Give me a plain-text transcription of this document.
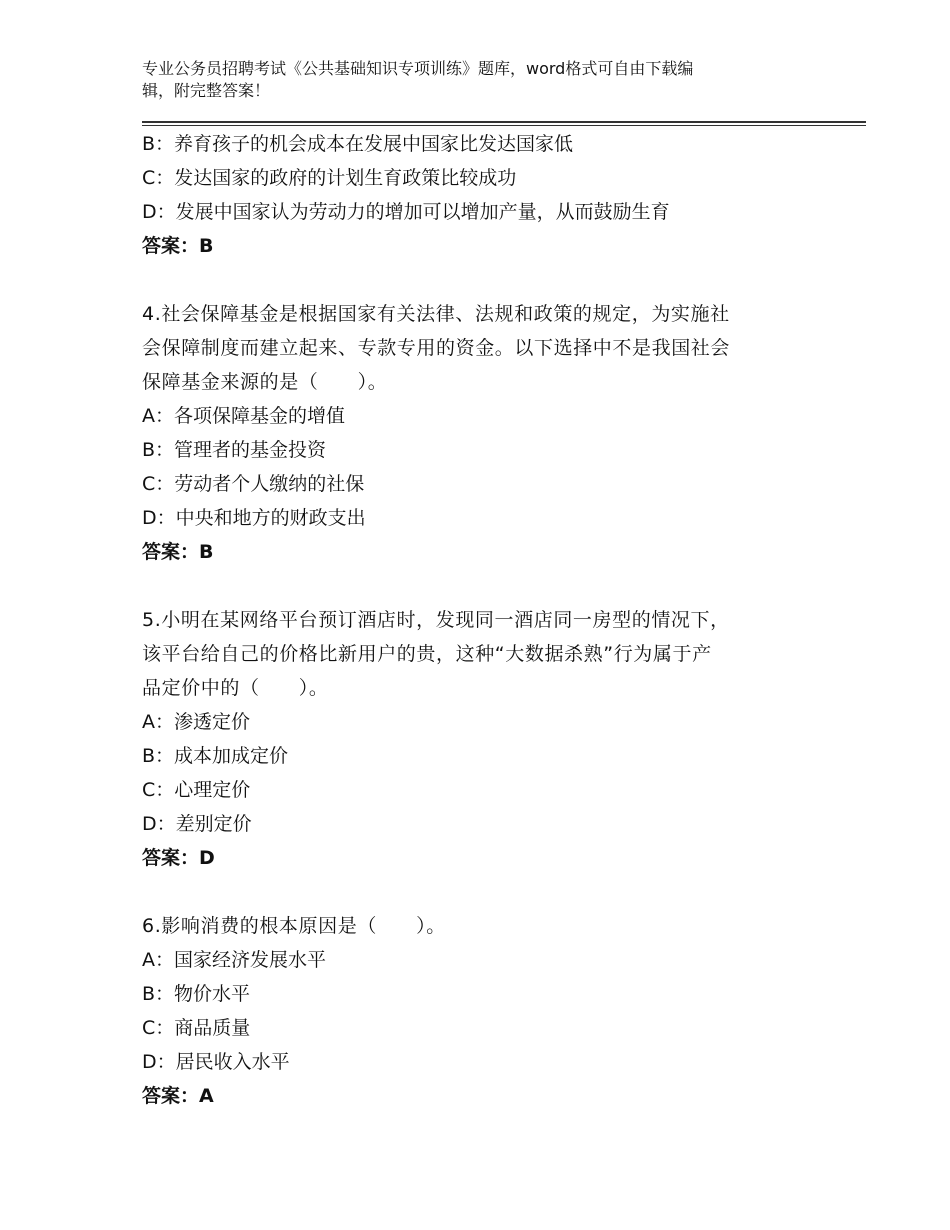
专业公务员招聘考试《公共基础知识专项训练》题库，word格式可自由下载编
辑，附完整答案！
B：养育孩子的机会成本在发展中国家比发达国家低
C：发达国家的政府的计划生育政策比较成功
D：发展中国家认为劳动力的增加可以增加产量，从而鼓励生育
答案：B
4.社会保障基金是根据国家有关法律、法规和政策的规定，为实施社
会保障制度而建立起来、专款专用的资金。以下选择中不是我国社会
保障基金来源的是（　　）。
A：各项保障基金的增值
B：管理者的基金投资
C：劳动者个人缴纳的社保
D：中央和地方的财政支出
答案：B
5.小明在某网络平台预订酒店时，发现同一酒店同一房型的情况下，
该平台给自己的价格比新用户的贵，这种“大数据杀熟”行为属于产
品定价中的（　　）。
A：渗透定价
B：成本加成定价
C：心理定价
D：差别定价
答案：D
6.影响消费的根本原因是（　　）。
A：国家经济发展水平
B：物价水平
C：商品质量
D：居民收入水平
答案：A
